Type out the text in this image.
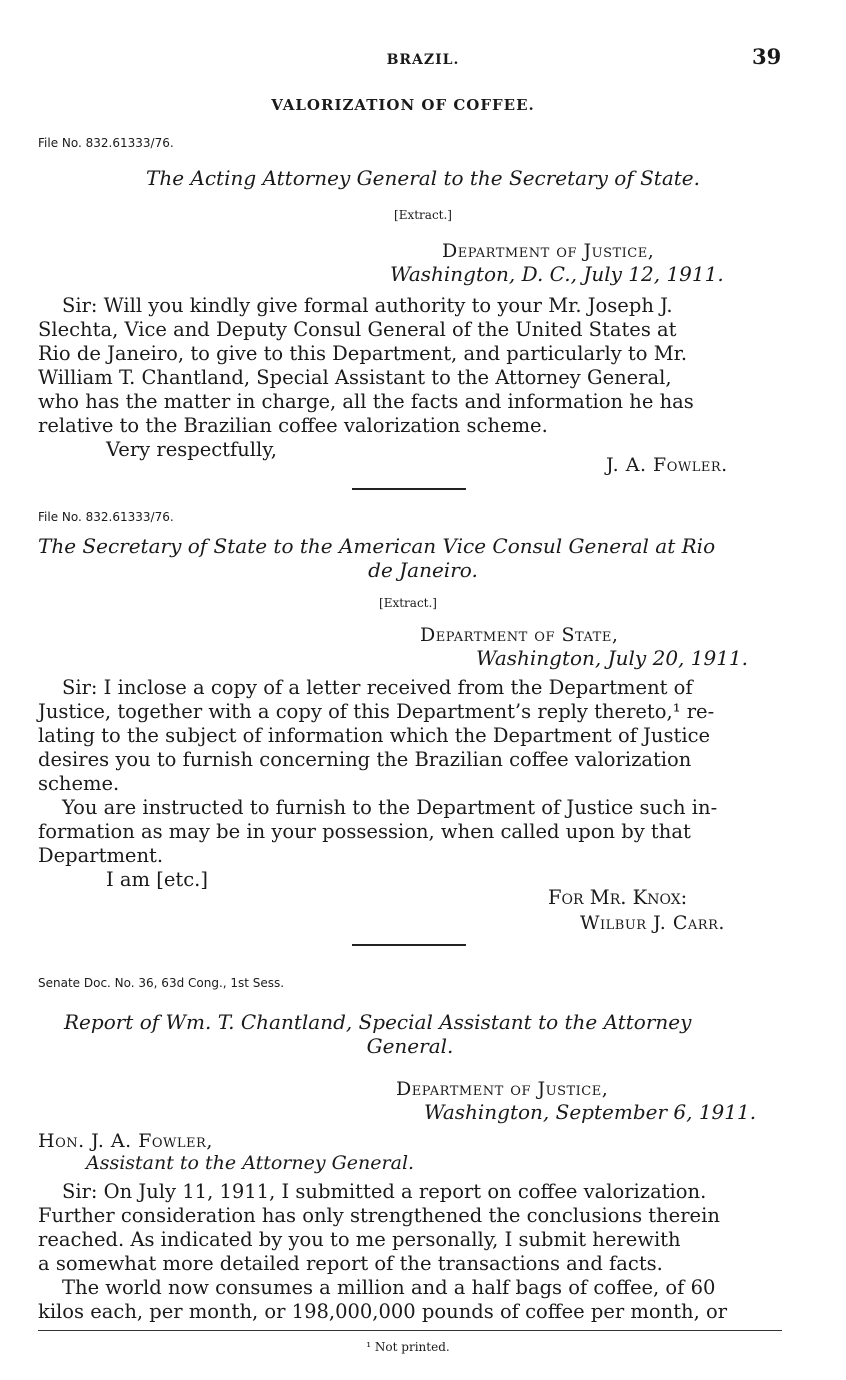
BRAZIL.	39
VALORIZATION OF COFFEE.
File No. 832.61333/76.
The Acting Attorney General to the Secretary of State.
[Extract.]
Department of Justice,
Washington, D. C., July 12, 1911.
Sir: Will you kindly give formal authority to your Mr. Joseph J.
Slechta, Vice and Deputy Consul General of the United States at
Rio de Janeiro, to give to this Department, and particularly to Mr.
William T. Chantland, Special Assistant to the Attorney General,
who has the matter in charge, all the facts and information he has
relative to the Brazilian coffee valorization scheme.
Very respectfully,
J. A. Fowler.
File No. 832.61333/76.
The Secretary of State to the American Vice Consul General at Rio
de Janeiro.
[Extract.]
Department of State,
Washington, July 20, 1911.
Sir: I inclose a copy of a letter received from the Department of
Justice, together with a copy of this Department’s reply thereto,¹ re-
lating to the subject of information which the Department of Justice
desires you to furnish concerning the Brazilian coffee valorization
scheme.
You are instructed to furnish to the Department of Justice such in-
formation as may be in your possession, when called upon by that
Department.
I am [etc.]
For Mr. Knox:
Wilbur J. Carr.
Senate Doc. No. 36, 63d Cong., 1st Sess.
Report of Wm. T. Chantland, Special Assistant to the Attorney
General.
Department of Justice,
Washington, September 6, 1911.
Hon. J. A. Fowler,
Assistant to the Attorney General.
Sir: On July 11, 1911, I submitted a report on coffee valorization.
Further consideration has only strengthened the conclusions therein
reached. As indicated by you to me personally, I submit herewith
a somewhat more detailed report of the transactions and facts.
The world now consumes a million and a half bags of coffee, of 60
kilos each, per month, or 198,000,000 pounds of coffee per month, or
¹ Not printed.
